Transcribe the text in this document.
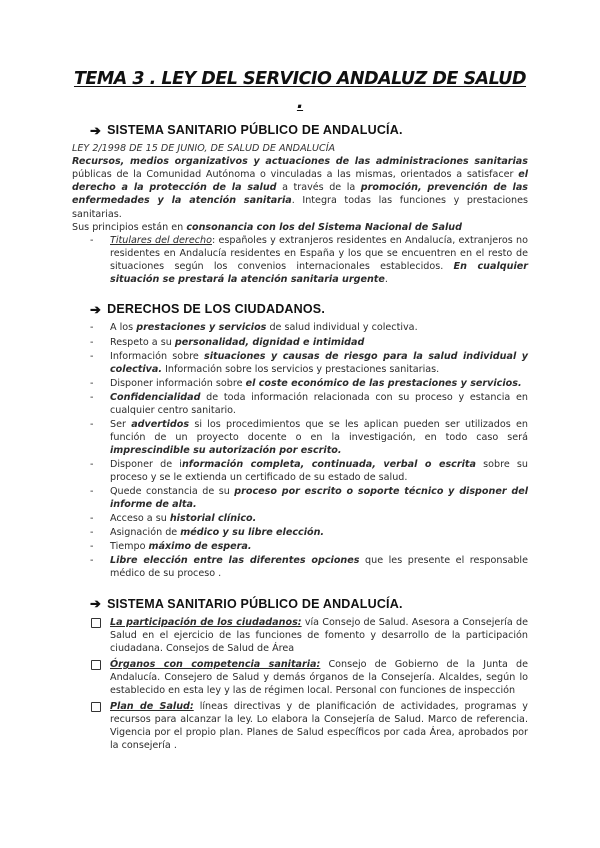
TEMA 3 . LEY DEL SERVICIO ANDALUZ DE SALUD .
➔ SISTEMA SANITARIO PÚBLICO DE ANDALUCÍA.
LEY 2/1998 DE 15 DE JUNIO, DE SALUD DE ANDALUCÍA

Recursos, medios organizativos y actuaciones de las administraciones sanitarias públicas de la Comunidad Autónoma o vinculadas a las mismas, orientados a satisfacer el derecho a la protección de la salud a través de la promoción, prevención de las enfermedades y la atención sanitaria. Integra todas las funciones y prestaciones sanitarias.

Sus principios están en consonancia con los del Sistema Nacional de Salud

- Titulares del derecho: españoles y extranjeros residentes en Andalucía, extranjeros no residentes en Andalucía residentes en España y los que se encuentren en el resto de situaciones según los convenios internacionales establecidos. En cualquier situación se prestará la atención sanitaria urgente.
➔ DERECHOS DE LOS CIUDADANOS.
- A los prestaciones y servicios de salud individual y colectiva.
- Respeto a su personalidad, dignidad e intimidad
- Información sobre situaciones y causas de riesgo para la salud individual y colectiva. Información sobre los servicios y prestaciones sanitarias.
- Disponer información sobre el coste económico de las prestaciones y servicios.
- Confidencialidad de toda información relacionada con su proceso y estancia en cualquier centro sanitario.
- Ser advertidos si los procedimientos que se les aplican pueden ser utilizados en función de un proyecto docente o en la investigación, en todo caso será imprescindible su autorización por escrito.
- Disponer de información completa, continuada, verbal o escrita sobre su proceso y se le extienda un certificado de su estado de salud.
- Quede constancia de su proceso por escrito o soporte técnico y disponer del informe de alta.
- Acceso a su historial clínico.
- Asignación de médico y su libre elección.
- Tiempo máximo de espera.
- Libre elección entre las diferentes opciones que les presente el responsable médico de su proceso .
➔ SISTEMA SANITARIO PÚBLICO DE ANDALUCÍA.
La participación de los ciudadanos: vía Consejo de Salud. Asesora a Consejería de Salud en el ejercicio de las funciones de fomento y desarrollo de la participación ciudadana. Consejos de Salud de Área
Órganos con competencia sanitaria: Consejo de Gobierno de la Junta de Andalucía. Consejero de Salud y demás órganos de la Consejería. Alcaldes, según lo establecido en esta ley y las de régimen local. Personal con funciones de inspección
Plan de Salud: líneas directivas y de planificación de actividades, programas y recursos para alcanzar la ley. Lo elabora la Consejería de Salud. Marco de referencia. Vigencia por el propio plan. Planes de Salud específicos por cada Área, aprobados por la consejería .
